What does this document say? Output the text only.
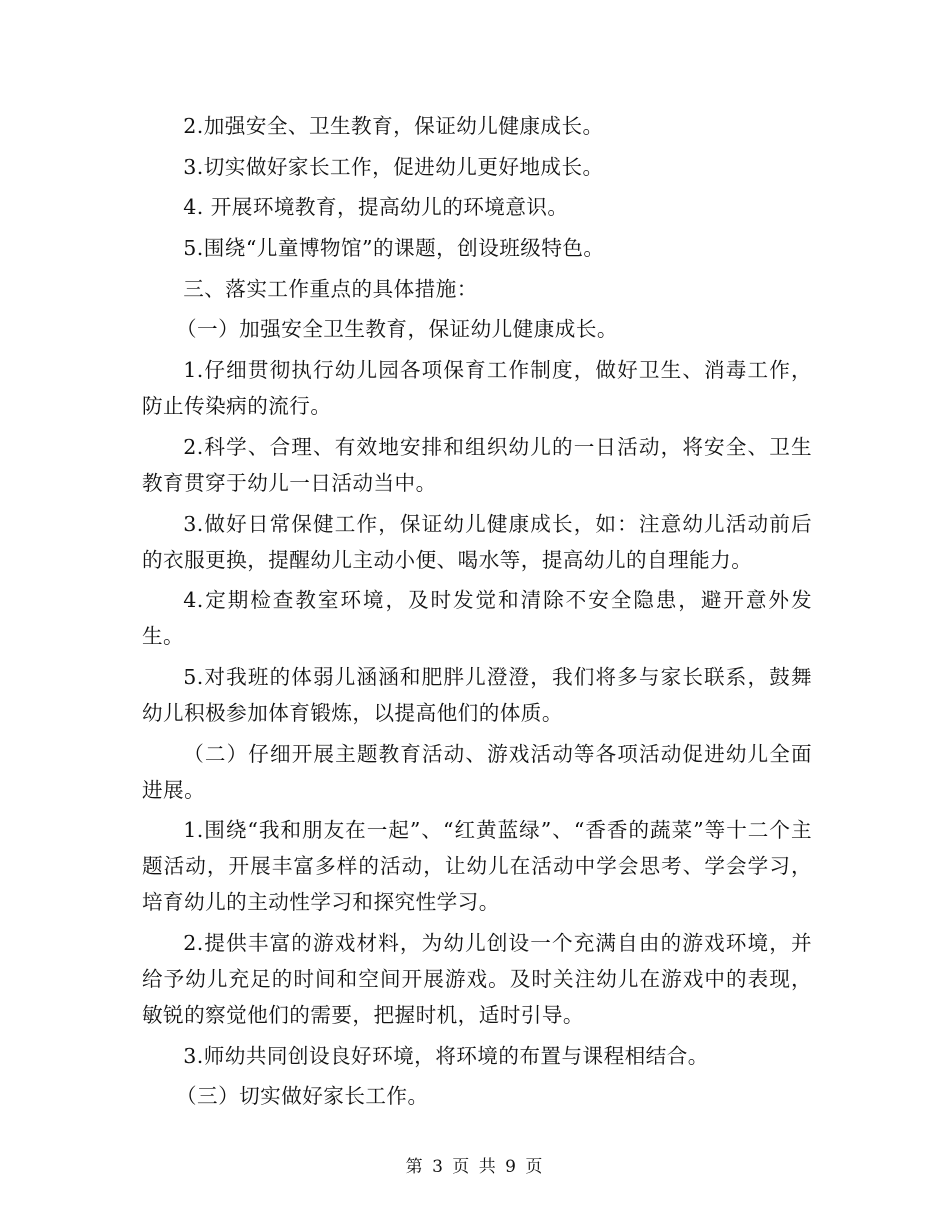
2.加强安全、卫生教育，保证幼儿健康成长。

3.切实做好家长工作，促进幼儿更好地成长。

4. 开展环境教育，提高幼儿的环境意识。

5.围绕“儿童博物馆”的课题，创设班级特色。

三、落实工作重点的具体措施：

（一）加强安全卫生教育，保证幼儿健康成长。

1.仔细贯彻执行幼儿园各项保育工作制度，做好卫生、消毒工作，防止传染病的流行。

2.科学、合理、有效地安排和组织幼儿的一日活动，将安全、卫生教育贯穿于幼儿一日活动当中。

3.做好日常保健工作，保证幼儿健康成长，如：注意幼儿活动前后的衣服更换，提醒幼儿主动小便、喝水等，提高幼儿的自理能力。

4.定期检查教室环境，及时发觉和清除不安全隐患，避开意外发生。

5.对我班的体弱儿涵涵和肥胖儿澄澄，我们将多与家长联系，鼓舞幼儿积极参加体育锻炼，以提高他们的体质。

（二）仔细开展主题教育活动、游戏活动等各项活动促进幼儿全面进展。

1.围绕“我和朋友在一起”、“红黄蓝绿”、“香香的蔬菜”等十二个主题活动，开展丰富多样的活动，让幼儿在活动中学会思考、学会学习，培育幼儿的主动性学习和探究性学习。

2.提供丰富的游戏材料，为幼儿创设一个充满自由的游戏环境，并给予幼儿充足的时间和空间开展游戏。及时关注幼儿在游戏中的表现，敏锐的察觉他们的需要，把握时机，适时引导。

3.师幼共同创设良好环境，将环境的布置与课程相结合。

（三）切实做好家长工作。

第 3 页 共 9 页
